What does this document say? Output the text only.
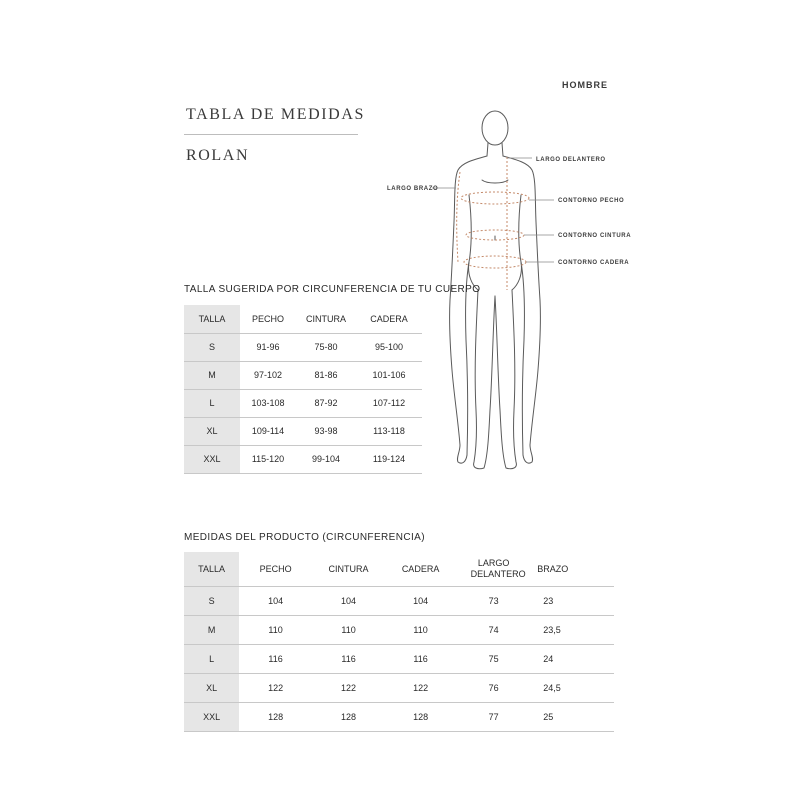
HOMBRE
TABLA DE MEDIDAS
ROLAN	LARGO DELANTERO
CONTORNO PECHO
CONTORNO CINTURA
CONTORNO CADERA
LARGO BRAZO
TALLA SUGERIDA POR CIRCUNFERENCIA DE TU CUERPO
TALLA	PECHO	CINTURA	CADERA
S	91-96	75-80	95-100
M	97-102	81-86	101-106
L	103-108	87-92	107-112
XL	109-114	93-98	113-118
XXL	115-120	99-104	119-124
MEDIDAS DEL PRODUCTO (CIRCUNFERENCIA)
TALLA	PECHO	CINTURA	CADERA	LARGO DELANTERO	BRAZO
S	104	104	104	73	23
M	110	110	110	74	23,5
L	116	116	116	75	24
XL	122	122	122	76	24,5
XXL	128	128	128	77	25
